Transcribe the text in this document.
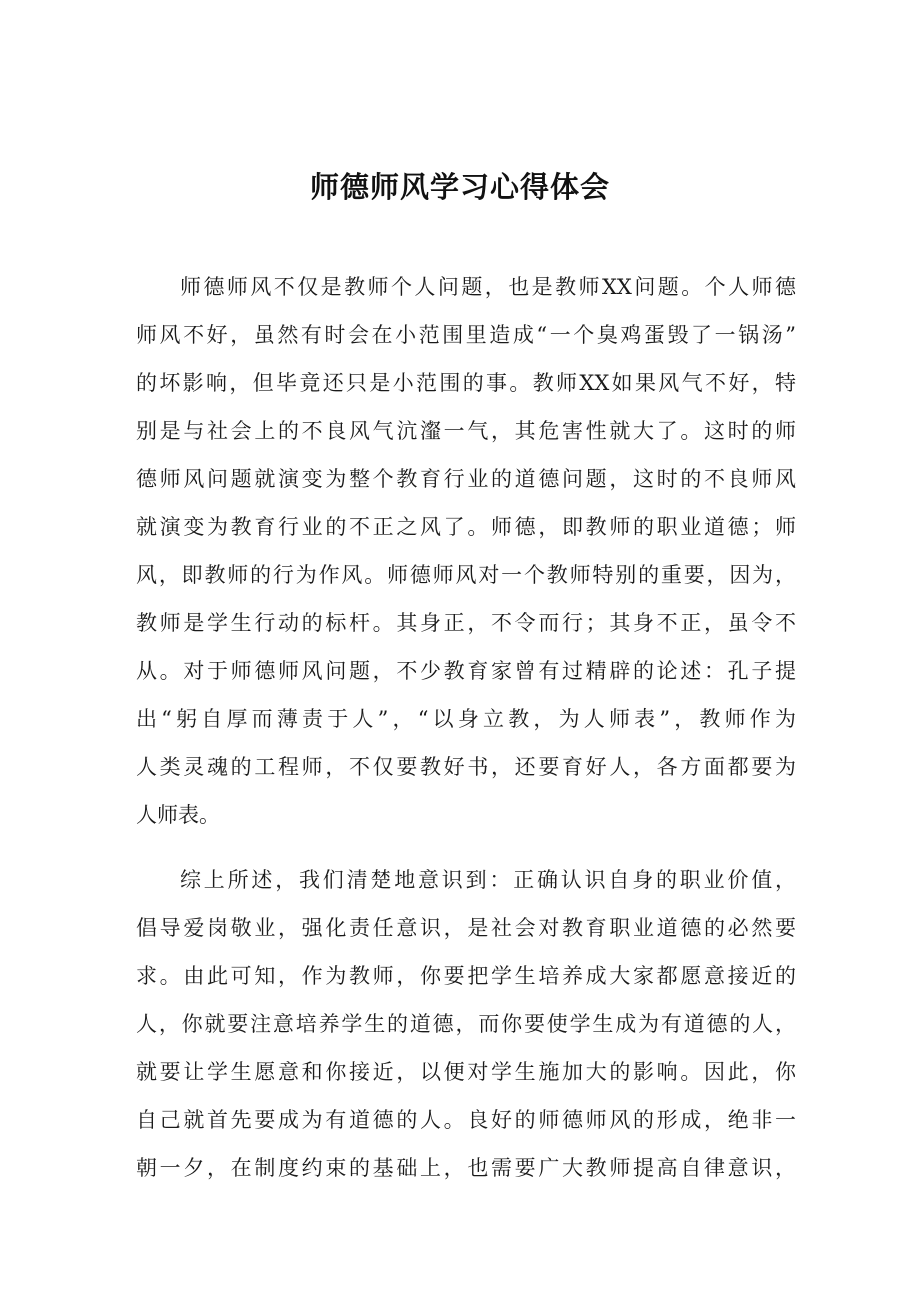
师德师风学习心得体会
师德师风不仅是教师个人问题，也是教师XX问题。个人师德
师风不好，虽然有时会在小范围里造成“一个臭鸡蛋毁了一锅汤”
的坏影响，但毕竟还只是小范围的事。教师XX如果风气不好，特
别是与社会上的不良风气沆瀣一气，其危害性就大了。这时的师
德师风问题就演变为整个教育行业的道德问题，这时的不良师风
就演变为教育行业的不正之风了。师德，即教师的职业道德；师
风，即教师的行为作风。师德师风对一个教师特别的重要，因为，
教师是学生行动的标杆。其身正，不令而行；其身不正，虽令不
从。对于师德师风问题，不少教育家曾有过精辟的论述：孔子提
出“躬自厚而薄责于人”，“以身立教，为人师表”，教师作为
人类灵魂的工程师，不仅要教好书，还要育好人，各方面都要为
人师表。
综上所述，我们清楚地意识到：正确认识自身的职业价值，
倡导爱岗敬业，强化责任意识，是社会对教育职业道德的必然要
求。由此可知，作为教师，你要把学生培养成大家都愿意接近的
人，你就要注意培养学生的道德，而你要使学生成为有道德的人，
就要让学生愿意和你接近，以便对学生施加大的影响。因此，你
自己就首先要成为有道德的人。良好的师德师风的形成，绝非一
朝一夕，在制度约束的基础上，也需要广大教师提高自律意识，
